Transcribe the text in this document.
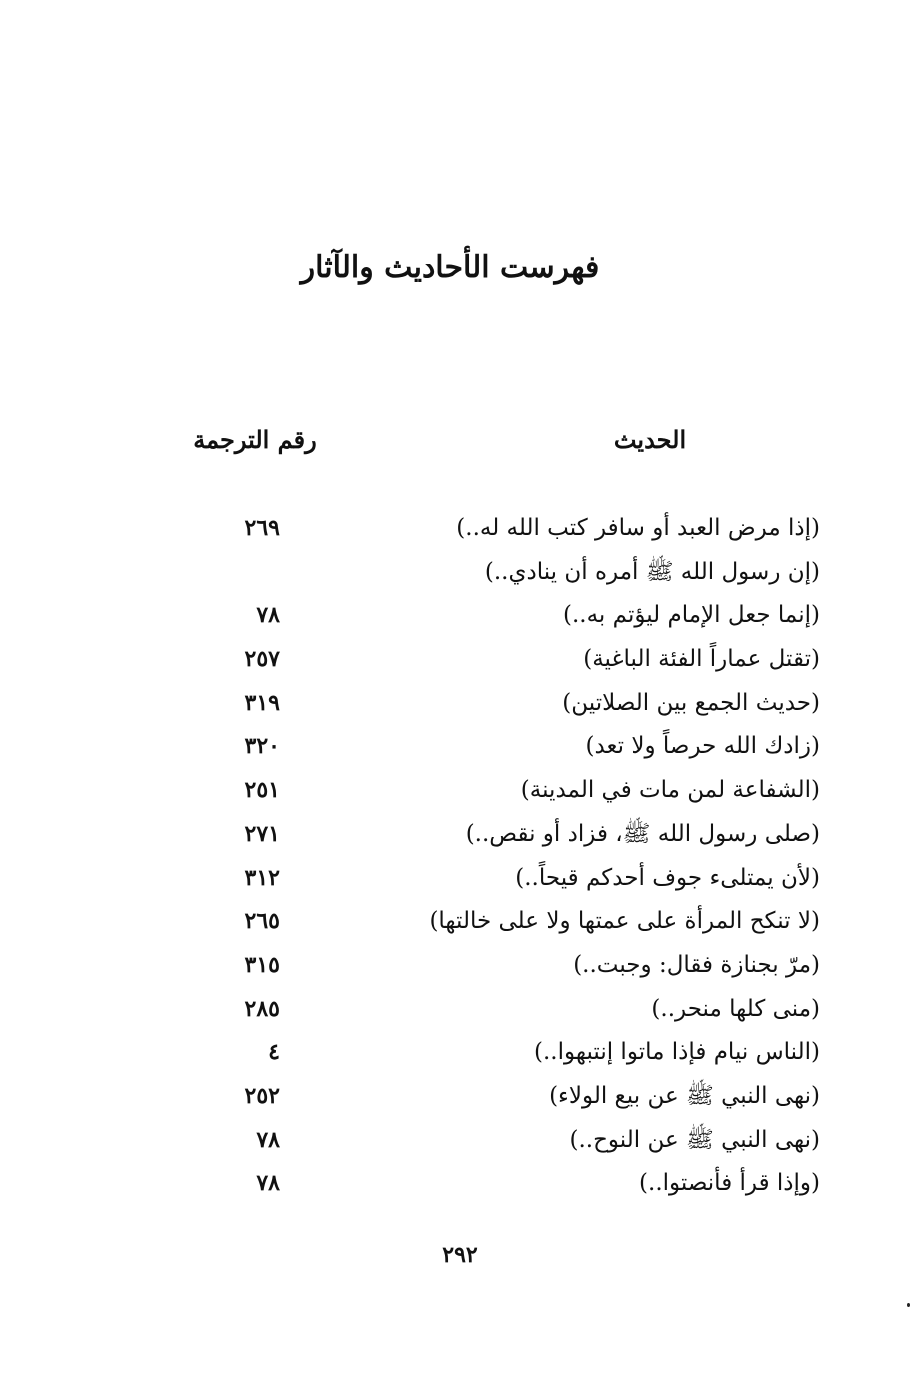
فهرست الأحاديث والآثار
الحديث
رقم الترجمة
(إذا مرض العبد أو سافر كتب الله له..)
٢٦٩
(إن رسول الله ﷺ أمره أن ينادي..)
(إنما جعل الإمام ليؤتم به..)
٧٨
(تقتل عماراً الفئة الباغية)
٢٥٧
(حديث الجمع بين الصلاتين)
٣١٩
(زادك الله حرصاً ولا تعد)
٣٢٠
(الشفاعة لمن مات في المدينة)
٢٥١
(صلى رسول الله ﷺ، فزاد أو نقص..)
٢٧١
(لأن يمتلىء جوف أحدكم قيحاً..)
٣١٢
(لا تنكح المرأة على عمتها ولا على خالتها)
٢٦٥
(مرّ بجنازة فقال: وجبت..)
٣١٥
(منى كلها منحر..)
٢٨٥
(الناس نيام فإذا ماتوا إنتبهوا..)
٤
(نهى النبي ﷺ عن بيع الولاء)
٢٥٢
(نهى النبي ﷺ عن النوح..)
٧٨
(وإذا قرأ فأنصتوا..)
٧٨
٢٩٢
